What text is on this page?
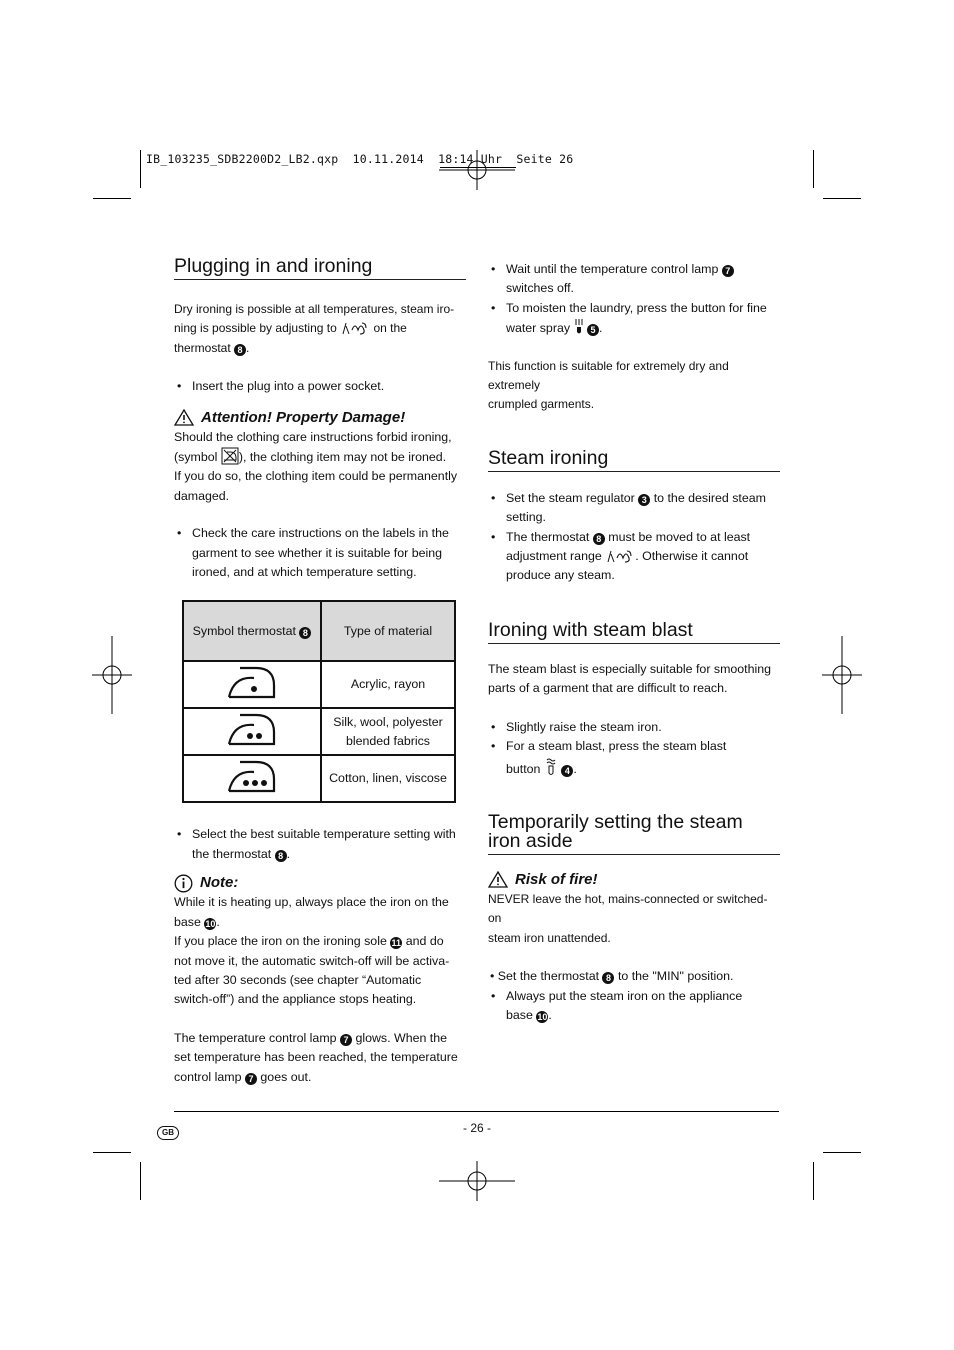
IB_103235_SDB2200D2_LB2.qxp  10.11.2014  18:14 Uhr  Seite 26
Plugging in and ironing

Dry ironing is possible at all temperatures, steam iro-
ning is possible by adjusting to	on the
thermostat 8 .

• Insert the plug into a power socket.

Attention! Property Damage!

Should the clothing care instructions forbid ironing,
(symbol ), the clothing item may not be ironed.
If you do so, the clothing item could be permanently
damaged.

• Check the care instructions on the labels in the garment to see whether it is suitable for being ironed, and at which temperature setting.

Symbol thermostat 8	Type of material
	Acrylic, rayon
	Silk, wool, polyester
blended fabrics
	Cotton, linen, viscose

• Select the best suitable temperature setting with the thermostat 8 .

Note:

While it is heating up, always place the iron on the
base 10.
If you place the iron on the ironing sole 11 and do
not move it, the automatic switch-off will be activa-
ted after 30 seconds (see chapter “Automatic
switch-off”) and the appliance stops heating.

The temperature control lamp 7 glows. When the
set temperature has been reached, the temperature
control lamp 7 goes out.

• Wait until the temperature control lamp 7
switches off.

• To moisten the laundry, press the button for fine
water spray 5 .

This function is suitable for extremely dry and extremely
crumpled garments.

Steam ironing

• Set the steam regulator 3 to the desired steam
setting.

• The thermostat 8 must be moved to at least
adjustment range	. Otherwise it cannot
produce any steam.

Ironing with steam blast

The steam blast is especially suitable for smoothing
parts of a garment that are difficult to reach.

• Slightly raise the steam iron.

• For a steam blast, press the steam blast
button	4 .

Temporarily setting the steam
iron aside
Risk of fire!

NEVER leave the hot, mains-connected or switched-on
steam iron unattended.

• Set the thermostat 8 to the "MIN" position.

• Always put the steam iron on the appliance
base 10.

GB	- 26 -
